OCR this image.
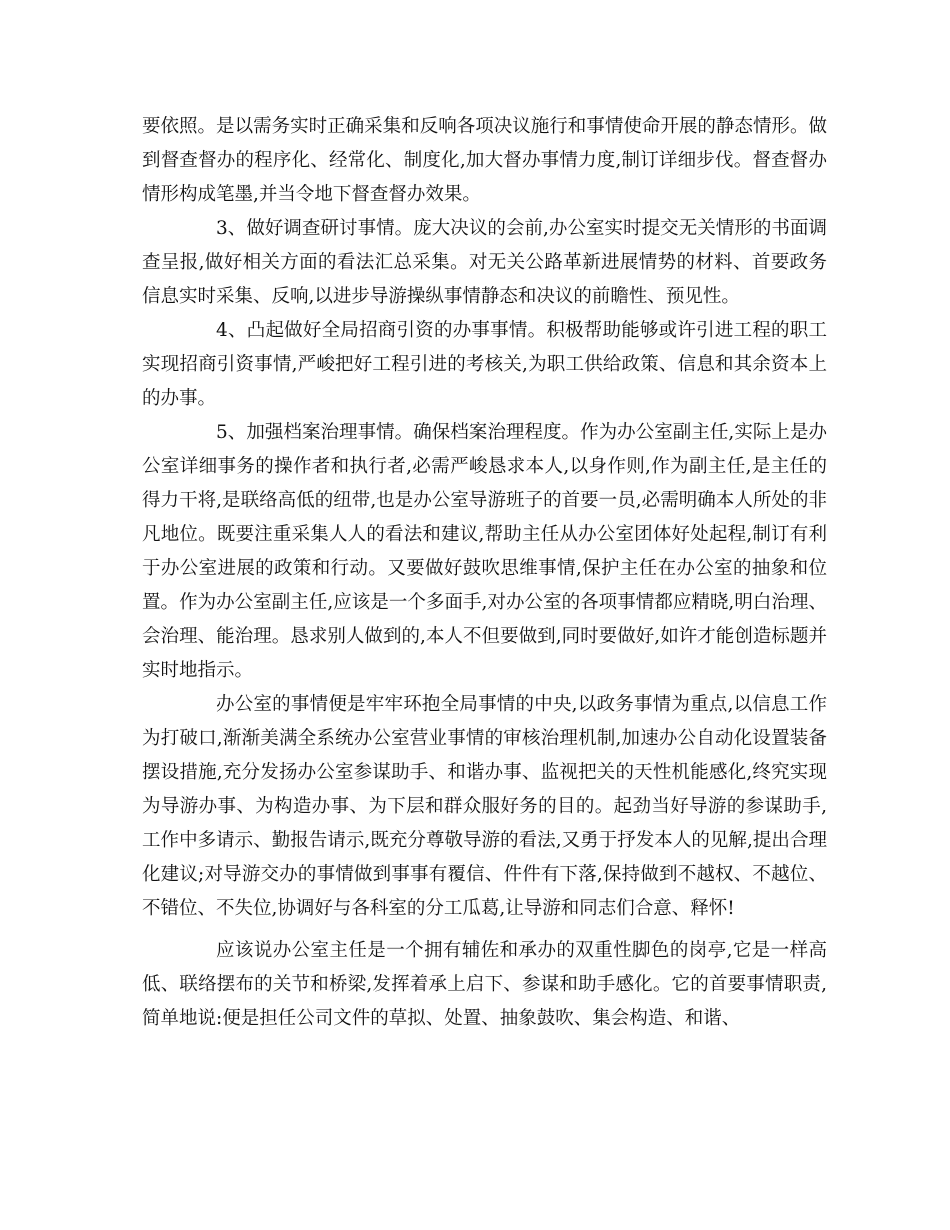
要依照。是以需务实时正确采集和反响各项决议施行和事情使命开展的静态情形。做到督查督办的程序化、经常化、制度化,加大督办事情力度,制订详细步伐。督查督办情形构成笔墨,并当令地下督查督办效果。

3、做好调查研讨事情。庞大决议的会前,办公室实时提交无关情形的书面调查呈报,做好相关方面的看法汇总采集。对无关公路革新进展情势的材料、首要政务信息实时采集、反响,以进步导游操纵事情静态和决议的前瞻性、预见性。

4、凸起做好全局招商引资的办事事情。积极帮助能够或许引进工程的职工实现招商引资事情,严峻把好工程引进的考核关,为职工供给政策、信息和其余资本上的办事。

5、加强档案治理事情。确保档案治理程度。作为办公室副主任,实际上是办公室详细事务的操作者和执行者,必需严峻恳求本人,以身作则,作为副主任,是主任的得力干将,是联络高低的纽带,也是办公室导游班子的首要一员,必需明确本人所处的非凡地位。既要注重采集人人的看法和建议,帮助主任从办公室团体好处起程,制订有利于办公室进展的政策和行动。又要做好鼓吹思维事情,保护主任在办公室的抽象和位置。作为办公室副主任,应该是一个多面手,对办公室的各项事情都应精晓,明白治理、会治理、能治理。恳求别人做到的,本人不但要做到,同时要做好,如许才能创造标题并实时地指示。

办公室的事情便是牢牢环抱全局事情的中央,以政务事情为重点,以信息工作为打破口,渐渐美满全系统办公室营业事情的审核治理机制,加速办公自动化设置装备摆设措施,充分发扬办公室参谋助手、和谐办事、监视把关的天性机能感化,终究实现为导游办事、为构造办事、为下层和群众服好务的目的。起劲当好导游的参谋助手,工作中多请示、勤报告请示,既充分尊敬导游的看法,又勇于抒发本人的见解,提出合理化建议;对导游交办的事情做到事事有覆信、件件有下落,保持做到不越权、不越位、不错位、不失位,协调好与各科室的分工瓜葛,让导游和同志们合意、释怀!

应该说办公室主任是一个拥有辅佐和承办的双重性脚色的岗亭,它是一样高低、联络摆布的关节和桥梁,发挥着承上启下、参谋和助手感化。它的首要事情职责,简单地说:便是担任公司文件的草拟、处置、抽象鼓吹、集会构造、和谐、
